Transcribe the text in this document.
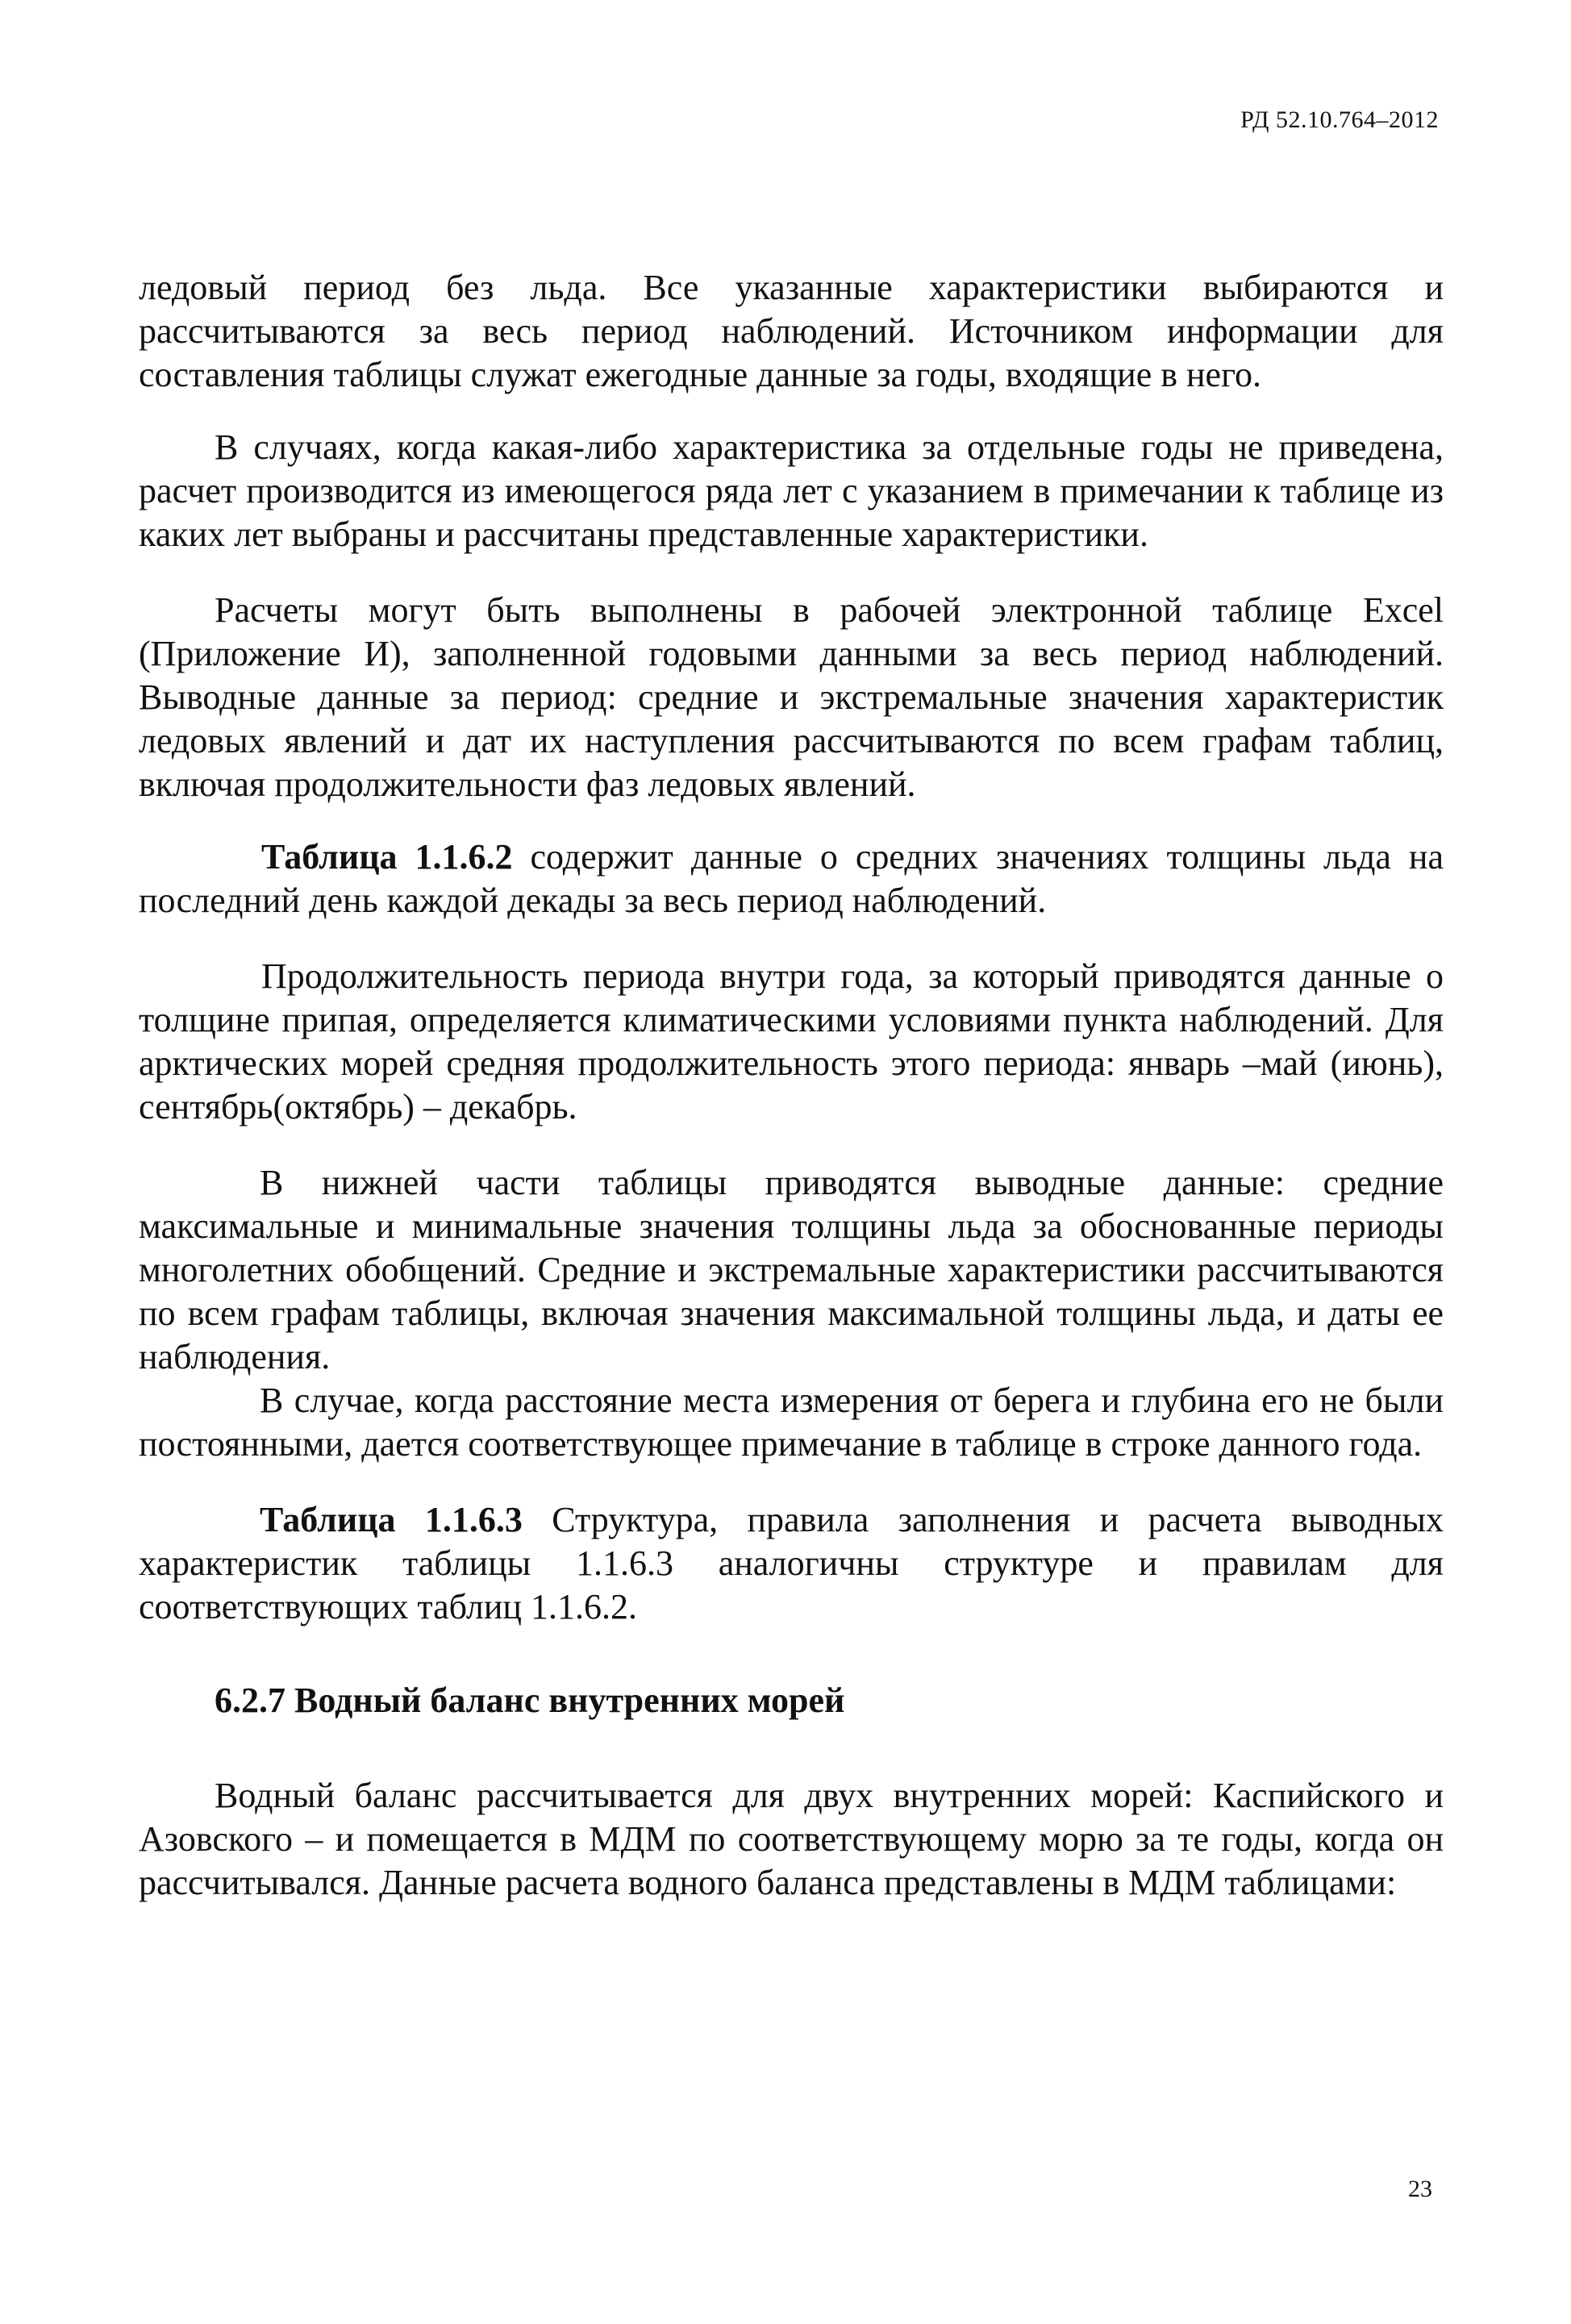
РД 52.10.764–2012

ледовый период без льда. Все указанные характеристики выбираются и рассчитываются за весь период наблюдений. Источником информации для составления таблицы служат ежегодные данные за годы, входящие в него.

В случаях, когда какая-либо характеристика за отдельные годы не приведена, расчет производится из имеющегося ряда лет с указанием в примечании к таблице из каких лет выбраны и рассчитаны представленные характеристики.

Расчеты могут быть выполнены в рабочей электронной таблице Excel (Приложение И), заполненной годовыми данными за весь период наблюдений. Выводные данные за период: средние и экстремальные значения характеристик ледовых явлений и дат их наступления рассчитываются по всем графам таблиц, включая продолжительности фаз ледовых явлений.

Таблица 1.1.6.2 содержит данные о средних значениях толщины льда на последний день каждой декады за весь период наблюдений.

Продолжительность периода внутри года, за который приводятся данные о толщине припая, определяется климатическими условиями пункта наблюдений. Для арктических морей средняя продолжительность этого периода: январь –май (июнь), сентябрь(октябрь) – декабрь.

В нижней части таблицы приводятся выводные данные: средние максимальные и минимальные значения толщины льда за обоснованные периоды многолетних обобщений. Средние и экстремальные характеристики рассчитываются по всем графам таблицы, включая значения максимальной толщины льда, и даты ее наблюдения.

В случае, когда расстояние места измерения от берега и глубина его не были постоянными, дается соответствующее примечание в таблице в строке данного года.

Таблица 1.1.6.3 Структура, правила заполнения и расчета выводных характеристик таблицы 1.1.6.3 аналогичны структуре и правилам для соответствующих таблиц 1.1.6.2.

6.2.7 Водный баланс внутренних морей

Водный баланс рассчитывается для двух внутренних морей: Каспийского и Азовского – и помещается в МДМ по соответствующему морю за те годы, когда он рассчитывался. Данные расчета водного баланса представлены в МДМ таблицами:

23
